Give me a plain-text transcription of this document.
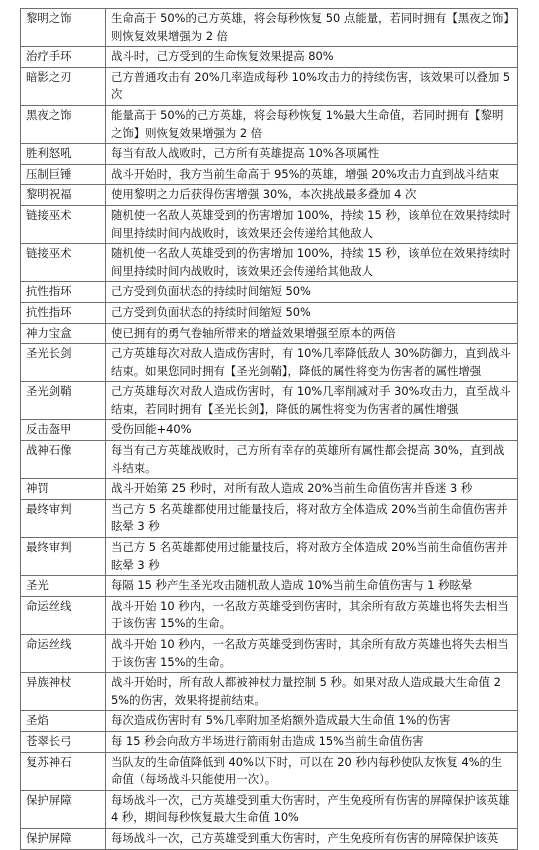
黎明之饰	生命高于 50%的己方英雄，将会每秒恢复 50 点能量，若同时拥有【黑夜之饰】则恢复效果增强为 2 倍
治疗手环	战斗时，己方受到的生命恢复效果提高 80%
暗影之刃	己方普通攻击有 20%几率造成每秒 10%攻击力的持续伤害，该效果可以叠加 5 次
黑夜之饰	能量高于 50%的己方英雄，将会每秒恢复 1%最大生命值，若同时拥有【黎明之饰】则恢复效果增强为 2 倍
胜利怒吼	每当有敌人战败时，己方所有英雄提高 10%各项属性
压制巨锤	战斗开始时，我方当前生命高于 95%的英雄，增强 20%攻击力直到战斗结束
黎明祝福	使用黎明之力后获得伤害增强 30%，本次挑战最多叠加 4 次
链接巫术	随机使一名敌人英雄受到的伤害增加 100%，持续 15 秒，该单位在效果持续时间里持续时间内战败时，该效果还会传递给其他敌人
链接巫术	随机使一名敌人英雄受到的伤害增加 100%，持续 15 秒，该单位在效果持续时间里持续时间内战败时，该效果还会传递给其他敌人
抗性指环	己方受到负面状态的持续时间缩短 50%
抗性指环	己方受到负面状态的持续时间缩短 50%
神力宝盒	使已拥有的勇气卷轴所带来的增益效果增强至原本的两倍
圣光长剑	己方英雄每次对敌人造成伤害时，有 10%几率降低敌人 30%防御力，直到战斗结束。如果您同时拥有【圣光剑鞘】，降低的属性将变为伤害者的属性增强
圣光剑鞘	己方英雄每次对敌人造成伤害时，有 10%几率削减对手 30%攻击力，直至战斗结束，若同时拥有【圣光长剑】，降低的属性将变为伤害者的属性增强
反击盔甲	受伤回能+40%
战神石像	每当有己方英雄战败时，己方所有幸存的英雄所有属性都会提高 30%，直到战斗结束。
神罚	战斗开始第 25 秒时，对所有敌人造成 20%当前生命值伤害并昏迷 3 秒
最终审判	当己方 5 名英雄都使用过能量技后，将对敌方全体造成 20%当前生命值伤害并眩晕 3 秒
最终审判	当己方 5 名英雄都使用过能量技后，将对敌方全体造成 20%当前生命值伤害并眩晕 3 秒
圣光	每隔 15 秒产生圣光攻击随机敌人造成 10%当前生命值伤害与 1 秒眩晕
命运丝线	战斗开始 10 秒内，一名敌方英雄受到伤害时，其余所有敌方英雄也将失去相当于该伤害 15%的生命。
命运丝线	战斗开始 10 秒内，一名敌方英雄受到伤害时，其余所有敌方英雄也将失去相当于该伤害 15%的生命。
异族神杖	战斗开始时，所有敌人都被神杖力量控制 5 秒。如果对敌人造成最大生命值 25%的伤害，效果将提前结束。
圣焰	每次造成伤害时有 5%几率附加圣焰额外造成最大生命值 1%的伤害
苍翠长弓	每 15 秒会向敌方半场进行箭雨射击造成 15%当前生命值伤害
复苏神石	当队友的生命值降低到 40%以下时，可以在 20 秒内每秒使队友恢复 4%的生命值（每场战斗只能使用一次）。
保护屏障	每场战斗一次，己方英雄受到重大伤害时，产生免疫所有伤害的屏障保护该英雄 4 秒，期间每秒恢复最大生命值 10%
保护屏障	每场战斗一次，己方英雄受到重大伤害时，产生免疫所有伤害的屏障保护该英
